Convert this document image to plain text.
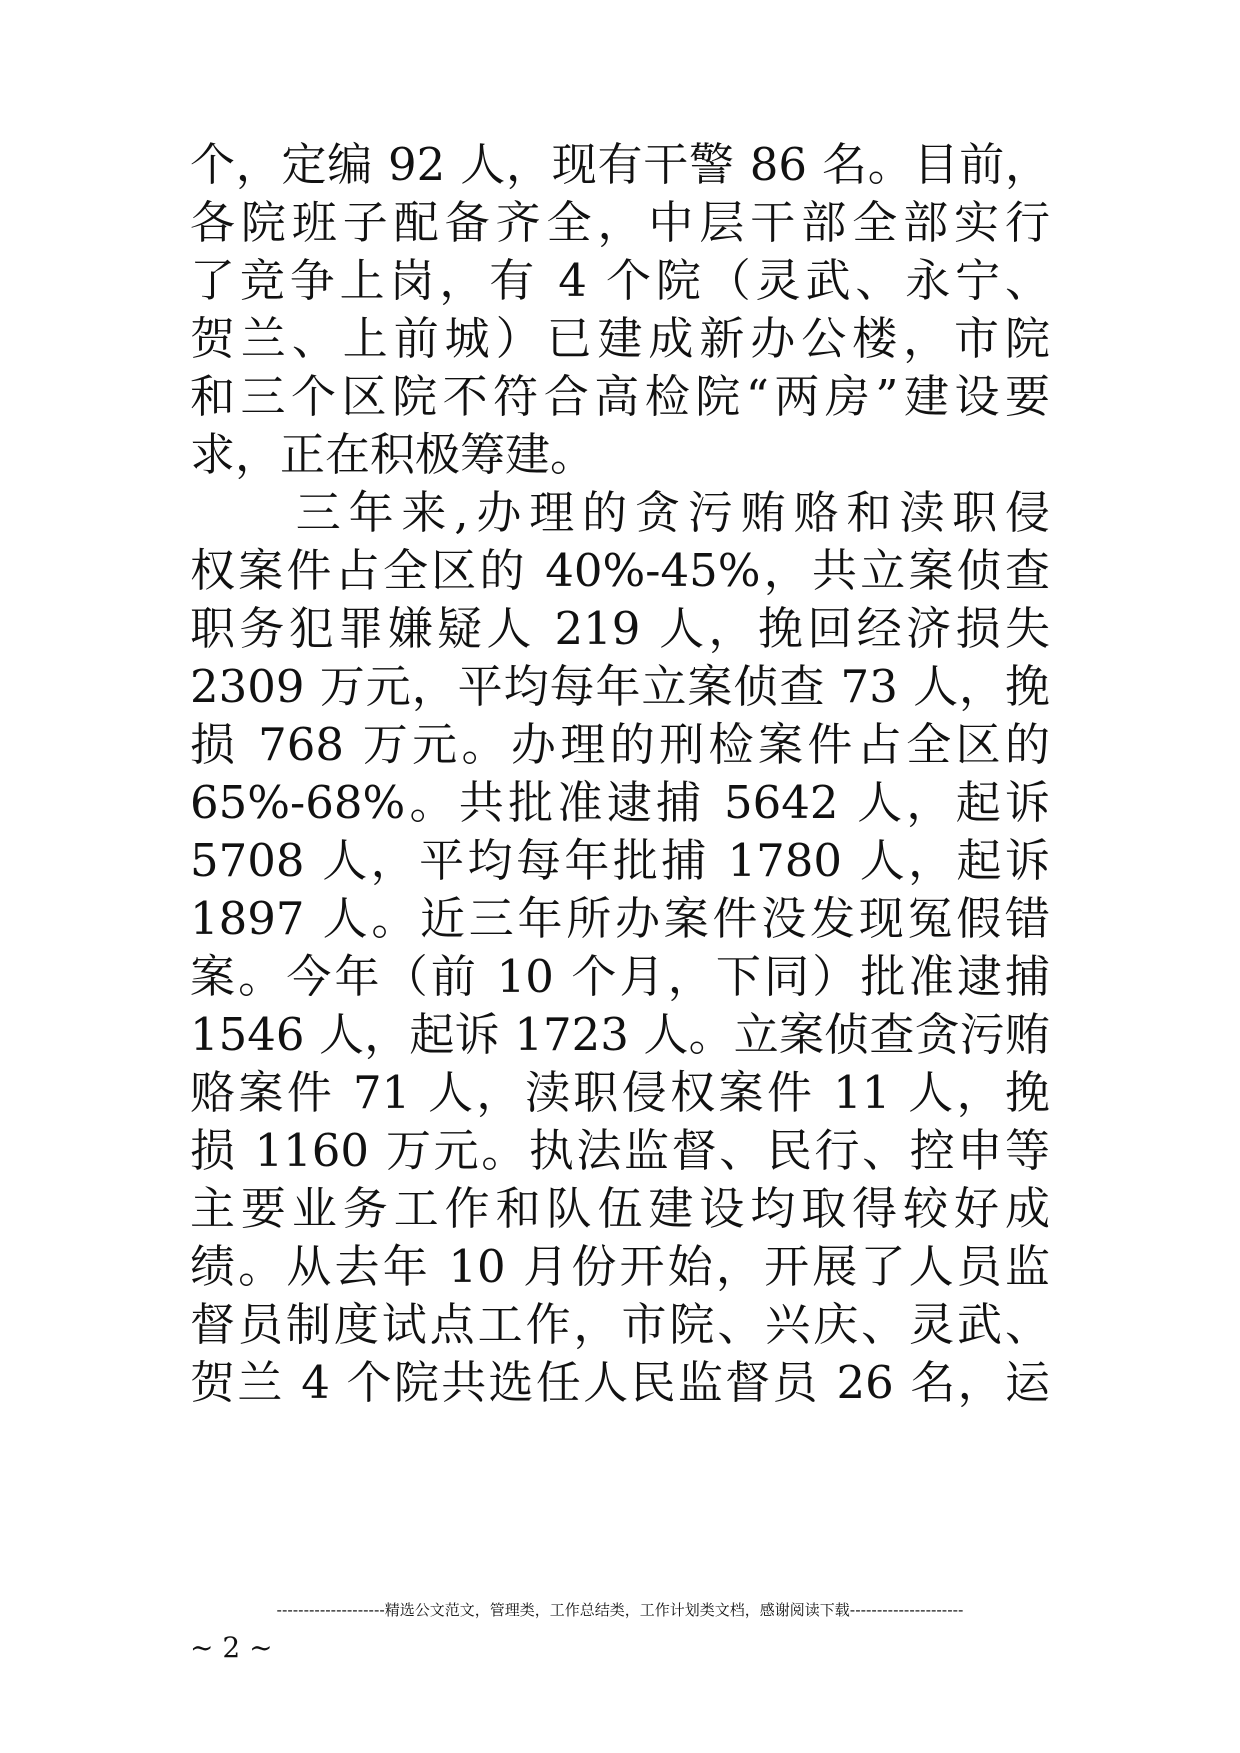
个，定编 92 人，现有干警 86 名。目前，
各院班子配备齐全，中层干部全部实行
了竞争上岗，有 4 个院（灵武、永宁、
贺兰、上前城）已建成新办公楼，市院
和三个区院不符合高检院“两房”建设要
求，正在积极筹建。
　　三年来,办理的贪污贿赂和渎职侵
权案件占全区的 40%-45%，共立案侦查
职务犯罪嫌疑人 219 人，挽回经济损失
2309 万元，平均每年立案侦查 73 人，挽
损 768 万元。办理的刑检案件占全区的
65%-68%。共批准逮捕 5642 人，起诉
5708 人，平均每年批捕 1780 人，起诉
1897 人。近三年所办案件没发现冤假错
案。今年（前 10 个月，下同）批准逮捕
1546 人，起诉 1723 人。立案侦查贪污贿
赂案件 71 人，渎职侵权案件 11 人，挽
损 1160 万元。执法监督、民行、控申等
主要业务工作和队伍建设均取得较好成
绩。从去年 10 月份开始，开展了人员监
督员制度试点工作，市院、兴庆、灵武、
贺兰 4 个院共选任人民监督员 26 名，运
--------------------精选公文范文，管理类，工作总结类，工作计划类文档，感谢阅读下载---------------------
~ 2 ~
